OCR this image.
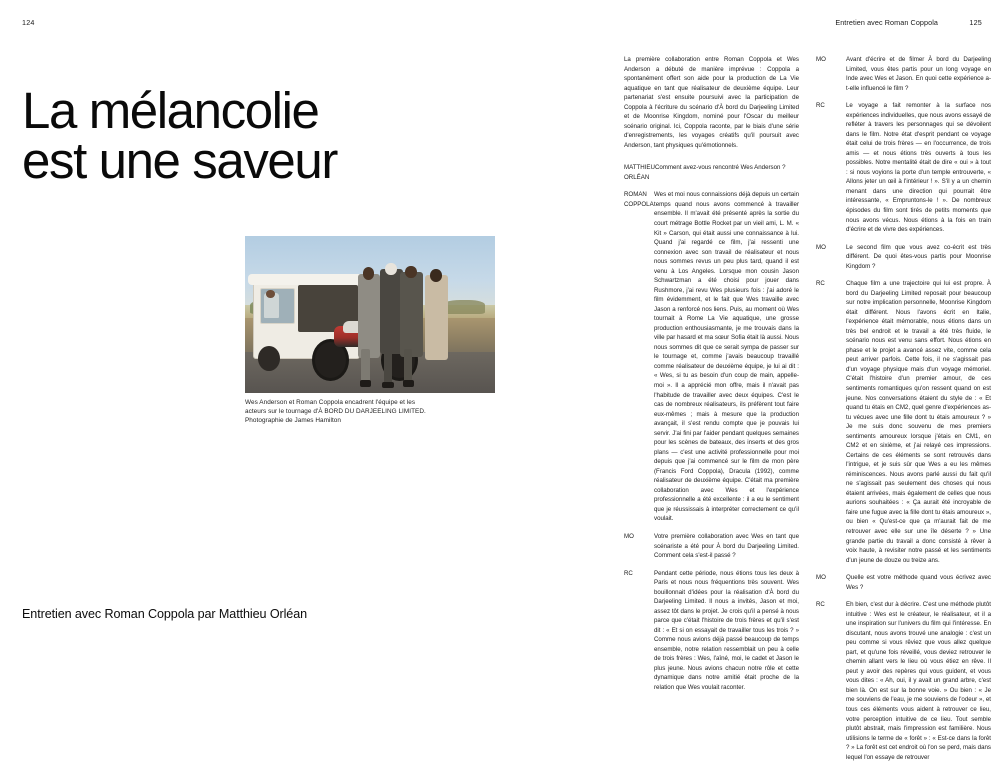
124
La mélancolie
est une saveur
Wes Anderson et Roman Coppola encadrent l'équipe et les
acteurs sur le tournage d'À BORD DU DARJEELING LIMITED.
Photographie de James Hamilton
Entretien avec Roman Coppola par Matthieu Orléan
Entretien avec Roman Coppola	125

La première collaboration entre Roman Coppola et Wes Anderson a débuté de manière imprévue : Coppola a spontanément offert son aide pour la production de La Vie aquatique en tant que réalisateur de deuxième équipe. Leur partenariat s'est ensuite poursuivi avec la participation de Coppola à l'écriture du scénario d'À bord du Darjeeling Limited et de Moonrise Kingdom, nominé pour l'Oscar du meilleur scénario original. Ici, Coppola raconte, par le biais d'une série d'enregistrements, les voyages créatifs qu'il poursuit avec Anderson, tant physiques qu'émotionnels.

MATTHIEU ORLÉAN
Comment avez-vous rencontré Wes Anderson ?
ROMAN COPPOLA
Wes et moi nous connaissions déjà depuis un certain temps quand nous avons commencé à travailler ensemble. Il m'avait été présenté après la sortie du court métrage Bottle Rocket par un vieil ami, L. M. « Kit » Carson, qui était aussi une connaissance à lui. Quand j'ai regardé ce film, j'ai ressenti une connexion avec son travail de réalisateur et nous nous sommes revus un peu plus tard, quand il est venu à Los Angeles. Lorsque mon cousin Jason Schwartzman a été choisi pour jouer dans Rushmore, j'ai revu Wes plusieurs fois : j'ai adoré le film évidemment, et le fait que Wes travaille avec Jason a renforcé nos liens. Puis, au moment où Wes tournait à Rome La Vie aquatique, une grosse production enthousiasmante, je me trouvais dans la ville par hasard et ma sœur Sofia était là aussi. Nous nous sommes dit que ce serait sympa de passer sur le tournage et, comme j'avais beaucoup travaillé comme réalisateur de deuxième équipe, je lui ai dit : « Wes, si tu as besoin d'un coup de main, appelle-moi ». Il a apprécié mon offre, mais il n'avait pas l'habitude de travailler avec deux équipes. C'est le cas de nombreux réalisateurs, ils préfèrent tout faire eux-mêmes ; mais à mesure que la production avançait, il s'est rendu compte que je pouvais lui servir. J'ai fini par l'aider pendant quelques semaines pour les scènes de bateaux, des inserts et des gros plans — c'est une activité professionnelle pour moi depuis que j'ai commencé sur le film de mon père (Francis Ford Coppola), Dracula (1992), comme réalisateur de deuxième équipe. C'était ma première collaboration avec Wes et l'expérience professionnelle a été excellente : il a eu le sentiment que je réussissais à interpréter correctement ce qu'il voulait.
MO	Votre première collaboration avec Wes en tant que scénariste a été pour À bord du Darjeeling Limited. Comment cela s'est-il passé ?
RC	Pendant cette période, nous étions tous les deux à Paris et nous nous fréquentions très souvent. Wes bouillonnait d'idées pour la réalisation d'À bord du Darjeeling Limited. Il nous a invités, Jason et moi, assez tôt dans le projet. Je crois qu'il a pensé à nous parce que c'était l'histoire de trois frères et qu'il s'est dit : « Et si on essayait de travailler tous les trois ? » Comme nous avions déjà passé beaucoup de temps ensemble, notre relation ressemblait un peu à celle de trois frères : Wes, l'aîné, moi, le cadet et Jason le plus jeune. Nous avions chacun notre rôle et cette dynamique dans notre amitié était proche de la relation que Wes voulait raconter.
MO	Avant d'écrire et de filmer À bord du Darjeeling Limited, vous êtes partis pour un long voyage en Inde avec Wes et Jason. En quoi cette expérience a-t-elle influencé le film ?
RC	Le voyage a fait remonter à la surface nos expériences individuelles, que nous avons essayé de refléter à travers les personnages qui se dévoilent dans le film. Notre état d'esprit pendant ce voyage était celui de trois frères — en l'occurrence, de trois amis — et nous étions très ouverts à tous les possibles. Notre mentalité était de dire « oui » à tout : si nous voyions la porte d'un temple entrouverte, « Allons jeter un œil à l'intérieur ! ». S'il y a un chemin menant dans une direction qui pourrait être intéressante, « Empruntons-le ! ». De nombreux épisodes du film sont tirés de petits moments que nous avons vécus. Nous étions à la fois en train d'écrire et de vivre des expériences.
MO	Le second film que vous avez co-écrit est très différent. De quoi êtes-vous partis pour Moonrise Kingdom ?
RC	Chaque film a une trajectoire qui lui est propre. À bord du Darjeeling Limited reposait pour beaucoup sur notre implication personnelle, Moonrise Kingdom était différent. Nous l'avons écrit en Italie, l'expérience était mémorable, nous étions dans un très bel endroit et le travail a été très fluide, le scénario nous est venu sans effort. Nous étions en phase et le projet a avancé assez vite, comme cela peut arriver parfois. Cette fois, il ne s'agissait pas d'un voyage physique mais d'un voyage mémoriel. C'était l'histoire d'un premier amour, de ces sentiments romantiques qu'on ressent quand on est jeune. Nos conversations étaient du style de : « Et quand tu étais en CM2, quel genre d'expériences as-tu vécues avec une fille dont tu étais amoureux ? » Je me suis donc souvenu de mes premiers sentiments amoureux lorsque j'étais en CM1, en CM2 et en sixième, et j'ai relayé ces impressions. Certains de ces éléments se sont retrouvés dans l'intrigue, et je suis sûr que Wes a eu les mêmes réminiscences. Nous avons parlé aussi du fait qu'il ne s'agissait pas seulement des choses qui nous étaient arrivées, mais également de celles que nous aurions souhaitées : « Ça aurait été incroyable de faire une fugue avec la fille dont tu étais amoureux », ou bien « Qu'est-ce que ça m'aurait fait de me retrouver avec elle sur une île déserte ? » Une grande partie du travail a donc consisté à rêver à voix haute, à revisiter notre passé et les sentiments d'un jeune de douze ou treize ans.
MO	Quelle est votre méthode quand vous écrivez avec Wes ?
RC	Eh bien, c'est dur à décrire. C'est une méthode plutôt intuitive : Wes est le créateur, le réalisateur, et il a une inspiration sur l'univers du film qui l'intéresse. En discutant, nous avons trouvé une analogie : c'est un peu comme si vous rêviez que vous allez quelque part, et qu'une fois réveillé, vous deviez retrouver le chemin allant vers le lieu où vous étiez en rêve. Il peut y avoir des repères qui vous guident, et vous vous dites : « Ah, oui, il y avait un grand arbre, c'est bien là. On est sur la bonne voie. » Ou bien : « Je me souviens de l'eau, je me souviens de l'odeur », et tous ces éléments vous aident à retrouver ce lieu, votre perception intuitive de ce lieu. Tout semble plutôt abstrait, mais l'impression est familière. Nous utilisions le terme de « forêt » : « Est-ce dans la forêt ? » La forêt est cet endroit où l'on se perd, mais dans lequel l'on essaye de retrouver
